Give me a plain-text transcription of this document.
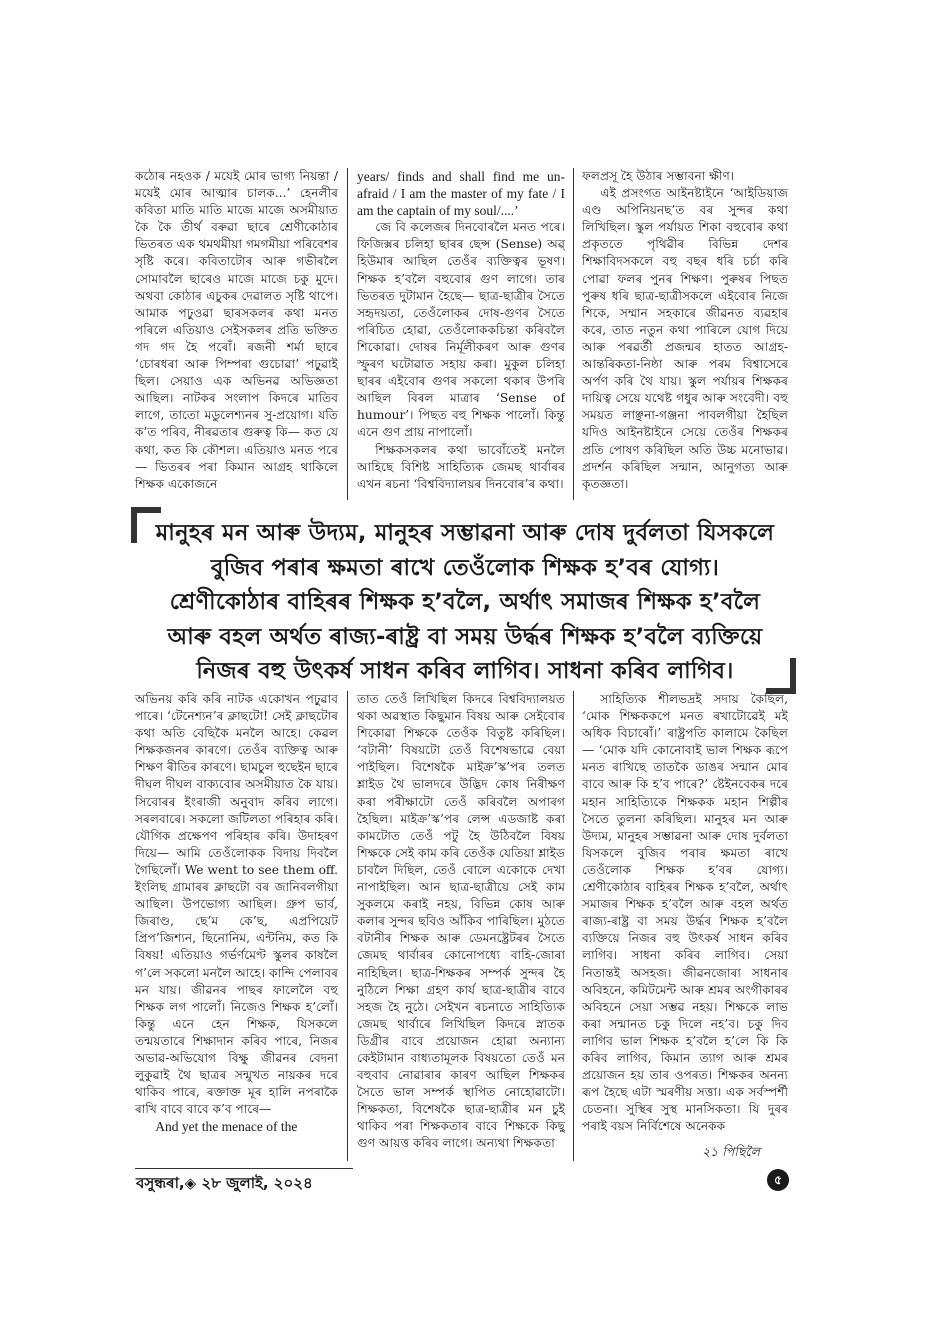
কঠোৰ নহওক / মযেই মোৰ ভাগ্য নিয়ন্তা / মযেই মোৰ আত্মাৰ চালক...’ হেনলীৰ কবিতা মাতি মাতি মাজে মাজে অসমীয়াত কৈ কৈ তীৰ্থ বৰুৱা ছাৰে শ্ৰেণীকোঠাৰ ভিতৰত এক থমথমীয়া গমগমীয়া পৰিবেশৰ সৃষ্টি কৰে। কবিতাটোৰ আৰু গভীৰলৈ সোমাবলৈ ছাৰেও মাজে মাজে চকু মুদে। অথবা কোঠাৰ এচুকৰ দেৱালত সৃষ্টি থাপে। আমাক পঢ়ুওৱা ছাৰসকলৰ কথা মনত পৰিলে এতিয়াও সেইসকলৰ প্ৰতি ভক্তিত গদ গদ হৈ পৰোঁ। ৰজনী শৰ্মা ছাৰে ‘চোৰধৰা আৰু পিম্পৰা গুচোৱা’ পঢ়ুৱাই ছিল। সেয়াও এক অভিনৱ অভিজ্ঞতা আছিল। নাটকৰ সংলাপ কিদৰে মাতিব লাগে, তাতো মডুলেশ্যনৰ সু-প্ৰয়োগ। যতি ক’ত পৰিব, নীৰৱতাৰ গুৰুত্ব কি— কত যে কথা, কত কি কৌশল। এতিয়াও মনত পৰে— ভিতৰৰ পৰা কিমান আগ্ৰহ থাকিলে শিক্ষক একোজনে

years/ finds and shall find me un-afraid / I am the master of my fate / I am the captain of my soul/....’

জে বি কলেজৰ দিনবোৰলৈ মনত পৰে। ফিজিক্সৰ চলিহা ছাৰৰ ছেন্স (Sense) অৱ্ হিউমাৰ আছিল তেওঁৰ ব্যক্তিত্বৰ ভূষণ। শিক্ষক হ’বলৈ বহুবোৰ গুণ লাগে। তাৰ ভিতৰত দুটামান হৈছে— ছাত্ৰ-ছাত্ৰীৰ সৈতে সহৃদয়তা, তেওঁলোকৰ দোষ-গুণৰ সৈতে পৰিচিত হোৱা, তেওঁলোককচিন্তা কৰিবলৈ শিকোৱা। দোষৰ নিৰ্মূলীকৰণ আৰু গুণৰ স্ফুৰণ ঘটোৱাত সহায় কৰা। মুকুল চলিহা ছাৰৰ এইবোৰ গুণৰ সকলো থকাৰ উপৰি আছিল বিৰল মাত্ৰাৰ ‘Sense of humour’। পিছত বহু শিক্ষক পালোঁ। কিন্তু এনে গুণ প্ৰায় নাপালোঁ।

শিক্ষকসকলৰ কথা ভাবোঁতেই মনলৈ আহিছে বিশিষ্ট সাহিত্যিক জেমছ থাৰ্বাৰৰ এখন ৰচনা ‘বিশ্ববিদ্যালয়ৰ দিনবোৰ’ৰ কথা।

ফলপ্ৰসূ হৈ উঠাৰ সম্ভাবনা ক্ষীণ।

এই প্ৰসংগত আইনষ্টাইনে ‘আইডিয়াজ এণ্ড অপিনিয়নছ’ত বৰ সুন্দৰ কথা লিখিছিল। স্কুল পৰ্যায়ত শিকা বহুবোৰ কথা প্ৰকৃততে পৃথিৱীৰ বিভিন্ন দেশৰ শিক্ষাবিদসকলে বহু বছৰ ধৰি চৰ্চা কৰি পোৱা ফলৰ পুনৰ শিক্ষণ। পুৰুষৰ পিছত পুৰুষ ধৰি ছাত্ৰ-ছাত্ৰীসকলে এইবোৰ নিজে শিকে, সম্মান সহকাৰে জীৱনত ব্যৱহাৰ কৰে, তাত নতুন কথা পাৰিলে যোগ দিয়ে আৰু পৰৱৰ্তী প্ৰজন্মৰ হাতত আগ্ৰহ-আন্তৰিকতা-নিষ্ঠা আৰু পৰম বিশ্বাসেৰে অৰ্পণ কৰি থৈ যায়। স্কুল পৰ্যায়ৰ শিক্ষকৰ দায়িত্ব সেয়ে যথেষ্ট গধুৰ আৰু সংবেদী। বহু সময়ত লাঞ্ছনা-গঞ্জনা পাবলগীয়া হৈছিল যদিও আইনষ্টাইনে সেয়ে তেওঁৰ শিক্ষকৰ প্ৰতি পোষণ কৰিছিল অতি উচ্চ মনোভাৱ। প্ৰদৰ্শন কৰিছিল সন্মান, আনুগত্য আৰু কৃতজ্ঞতা।

মানুহৰ মন আৰু উদ্যম, মানুহৰ সম্ভাৱনা আৰু দোষ দুৰ্বলতা যিসকলে

বুজিব পৰাৰ ক্ষমতা ৰাখে তেওঁলোক শিক্ষক হ’বৰ যোগ্য।

শ্ৰেণীকোঠাৰ বাহিৰৰ শিক্ষক হ’বলৈ, অৰ্থাৎ সমাজৰ শিক্ষক হ’বলৈ

আৰু বহল অৰ্থত ৰাজ্য-ৰাষ্ট্ৰ বা সময় উৰ্দ্ধৰ শিক্ষক হ’বলৈ ব্যক্তিয়ে

নিজৰ বহু উৎকৰ্ষ সাধন কৰিব লাগিব। সাধনা কৰিব লাগিব।

অভিনয় কৰি কৰি নাটক একোখন পঢ়ুৱাব পাৰে। ‘টেনেশ্যন’ৰ ক্লাছটো! সেই ক্লাছটোৰ কথা অতি বেছিকৈ মনলৈ আহে। কেৱল শিক্ষকজনৰ কাৰণে। তেওঁৰ ব্যক্তিত্ব আৰু শিক্ষণ ৰীতিৰ কাৰণে। ছামচুল হুছেইন ছাৰে দীঘল দীঘল বাক্যবোৰ অসমীয়াত কৈ যায়। সিবোৰৰ ইংৰাজী অনুবাদ কৰিব লাগে। সৰলবাৰে। সকলো জটিলতা পৰিহাৰ কৰি। যৌগিক প্ৰক্ষেপণ পৰিহাৰ কৰি। উদাহৰণ দিয়ে— আমি তেওঁলোকক বিদায় দিবলৈ গৈছিলোঁ। We went to see them off. ইংলিছ গ্ৰামাৰৰ ক্লাছটো বৰ জানিবলগীয়া আছিল। উপভোগ্য আছিল। গ্ৰুপ ভাৰ্ব, জিৰাণ্ড, ছে’ম কে’ছ, এপ্ৰপিয়েট প্ৰিপ’জিশ্যন, ছিনোনিম, এন্টনিম, কত কি বিষয়! এতিয়াও গৰ্ভৰ্ণমেণ্ট স্কুলৰ কাষলৈ গ’লে সকলো মনলৈ আহে। কান্দি পেলাবৰ মন যায়। জীৱনৰ পাছৰ ফালেলৈ বহু শিক্ষক লগ পালোঁ। নিজেও শিক্ষক হ’লোঁ। কিন্তু এনে হেন শিক্ষক, যিসকলে তন্ময়তাৰে শিক্ষাদান কৰিব পাৰে, নিজৰ অভাৱ-অভিযোগ বিক্ষু জীৱনৰ বেদনা লুকুৱাই থৈ ছাত্ৰৰ সন্মুখত নায়কৰ দৰে থাকিব পাৰে, ৰক্তাক্ত মূৰ হালি নপৰাকৈ ৰাখি বাবে বাবে ক’ব পাৰে—

And yet the menace of the

তাত তেওঁ লিখিছিল কিদৰে বিশ্ববিদ্যালয়ত থকা অৱস্থাত কিছুমান বিষয় আৰু সেইবোৰ শিকোৱা শিক্ষকে তেওঁক বিতুষ্ট কৰিছিল। ‘বটানী’ বিষয়টো তেওঁ বিশেষভাৱে বেয়া পাইছিল। বিশেষকৈ মাইক্ৰ’স্ক’পৰ তলত শ্লাইড থৈ ভালদৰে উদ্ভিদ কোষ নিৰীক্ষণ কৰা পৰীক্ষাটো তেওঁ কৰিবলৈ অপাৰগ হৈছিল। মাইক্ৰ’স্ক’পৰ লেন্স এডজাষ্ট কৰা কামটোত তেওঁ পটু হৈ উঠিবলৈ বিষয় শিক্ষকে সেই কাম কৰি তেওঁক যেতিয়া শ্লাইড চাবলৈ দিছিল, তেওঁ বোলে একোকে দেখা নাপাইছিল। আন ছাত্ৰ-ছাত্ৰীয়ে সেই কাম সুকলমে কৰাই নহয়, বিভিন্ন কোষ আৰু কলাৰ সুন্দৰ ছবিও আঁকিব পাৰিছিল। মুঠতে বটানীৰ শিক্ষক আৰু ডেমনষ্ট্ৰেটৰৰ সৈতে জেমছ থাৰ্বাৰৰ কোনোপধ্যে বাহি-জোৰা নাহিছিল। ছাত্ৰ-শিক্ষকৰ সম্পৰ্ক সুন্দৰ হৈ নুঠিলে শিক্ষা গ্ৰহণ কাৰ্য ছাত্ৰ-ছাত্ৰীৰ বাবে সহজ হৈ নুঠে। সেইখন ৰচনাতে সাহিত্যিক জেমছ থাৰ্বাৰে লিখিছিল কিদৰে স্নাতক ডিগ্ৰীৰ বাবে প্ৰয়োজন হোৱা অন্যান্য কেইটামান বাধ্যতামূলক বিষয়তো তেওঁ মন বহুবাব নোৱাৰাৰ কাৰণ আছিল শিক্ষকৰ সৈতে ভাল সম্পৰ্ক স্থাপিত নোহোৱাটো। শিক্ষকতা, বিশেষকৈ ছাত্ৰ-ছাত্ৰীৰ মন চুই থাকিব পৰা শিক্ষকতাৰ বাবে শিক্ষকে কিছু গুণ আয়ত্ত কৰিব লাগে। অন্যথা শিক্ষকতা

সাহিত্যিক শীলভদ্ৰই সদায় কৈছিল, ‘মোক শিক্ষককপে মনত ৰখাটোৱেই মই অধিক বিচাৰোঁ।’ ৰাষ্ট্ৰপতি কালামে কৈছিল— ‘মোক যদি কোনোবাই ভাল শিক্ষক ৰূপে মনত ৰাখিছে তাতকৈ ডাঙৰ সন্মান মোৰ বাবে আৰু কি হ’ব পাৰে?’ ষ্টেইনবেকৰ দৰে মহান সাহিত্যিকে শিক্ষকক মহান শিল্পীৰ সৈতে তুলনা কৰিছিল। মানুহৰ মন আৰু উদ্যম, মানুহৰ সম্ভাৱনা আৰু দোষ দুৰ্বলতা যিসকলে বুজিব পৰাৰ ক্ষমতা ৰাখে তেওঁলোক শিক্ষক হ’বৰ যোগ্য। শ্ৰেণীকোঠাৰ বাহিৰৰ শিক্ষক হ’বলৈ, অৰ্থাৎ সমাজৰ শিক্ষক হ’বলৈ আৰু বহল অৰ্থত ৰাজ্য-ৰাষ্ট্ৰ বা সময় উৰ্দ্ধৰ শিক্ষক হ’বলৈ ব্যক্তিয়ে নিজৰ বহু উৎকৰ্ষ সাধন কৰিব লাগিব। সাধনা কৰিব লাগিব। সেয়া নিতান্তই অসহজ। জীৱনজোৰা সাধনাৰ অবিহনে, কমিটমেন্ট আৰু শ্ৰমৰ অংগীকাৰৰ অবিহনে সেয়া সম্ভৱ নহয়। শিক্ষকে লাভ কৰা সন্মানত চকু দিলে নহ’ব। চকু দিব লাগিব ভাল শিক্ষক হ’বলৈ হ’লে কি কি কৰিব লাগিব, কিমান ত্যাগ আৰু শ্ৰমৰ প্ৰয়োজন হয় তাৰ ওপৰত। শিক্ষকৰ অনন্য ৰূপ হৈছে এটা স্মৰণীয় সত্তা। এক সৰ্বস্পৰ্শী চেতনা। সুস্থিৰ সুস্থ মানসিকতা। যি দুৰৰ পৰাই বয়স নিৰ্বিশেষে অনেকক

২১ পিছিলৈ
বসুন্ধৰা,◈ ২৮ জুলাই, ২০২৪	৫
